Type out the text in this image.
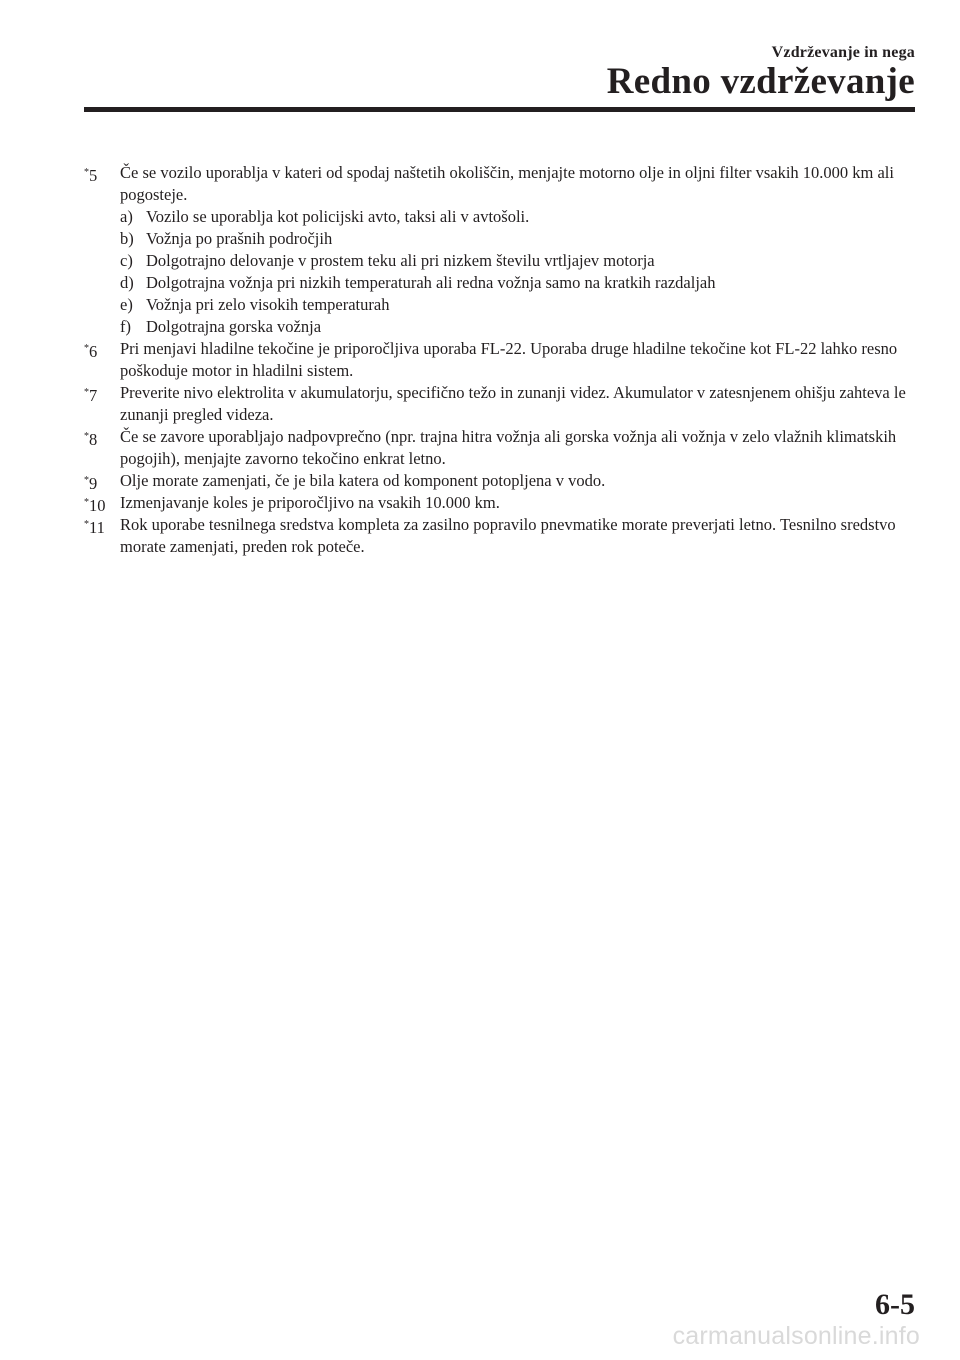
Vzdrževanje in nega
Redno vzdrževanje
*5 Če se vozilo uporablja v kateri od spodaj naštetih okoliščin, menjajte motorno olje in oljni filter vsakih 10.000 km ali pogosteje.
a) Vozilo se uporablja kot policijski avto, taksi ali v avtošoli.
b) Vožnja po prašnih področjih
c) Dolgotrajno delovanje v prostem teku ali pri nizkem številu vrtljajev motorja
d) Dolgotrajna vožnja pri nizkih temperaturah ali redna vožnja samo na kratkih razdaljah
e) Vožnja pri zelo visokih temperaturah
f) Dolgotrajna gorska vožnja
*6 Pri menjavi hladilne tekočine je priporočljiva uporaba FL-22. Uporaba druge hladilne tekočine kot FL-22 lahko resno poškoduje motor in hladilni sistem.
*7 Preverite nivo elektrolita v akumulatorju, specifično težo in zunanji videz. Akumulator v zatesnjenem ohišju zahteva le zunanji pregled videza.
*8 Če se zavore uporabljajo nadpovprečno (npr. trajna hitra vožnja ali gorska vožnja ali vožnja v zelo vlažnih klimatskih pogojih), menjajte zavorno tekočino enkrat letno.
*9 Olje morate zamenjati, če je bila katera od komponent potopljena v vodo.
*10 Izmenjavanje koles je priporočljivo na vsakih 10.000 km.
*11 Rok uporabe tesnilnega sredstva kompleta za zasilno popravilo pnevmatike morate preverjati letno. Tesnilno sredstvo morate zamenjati, preden rok poteče.
6-5
carmanualsonline.info
